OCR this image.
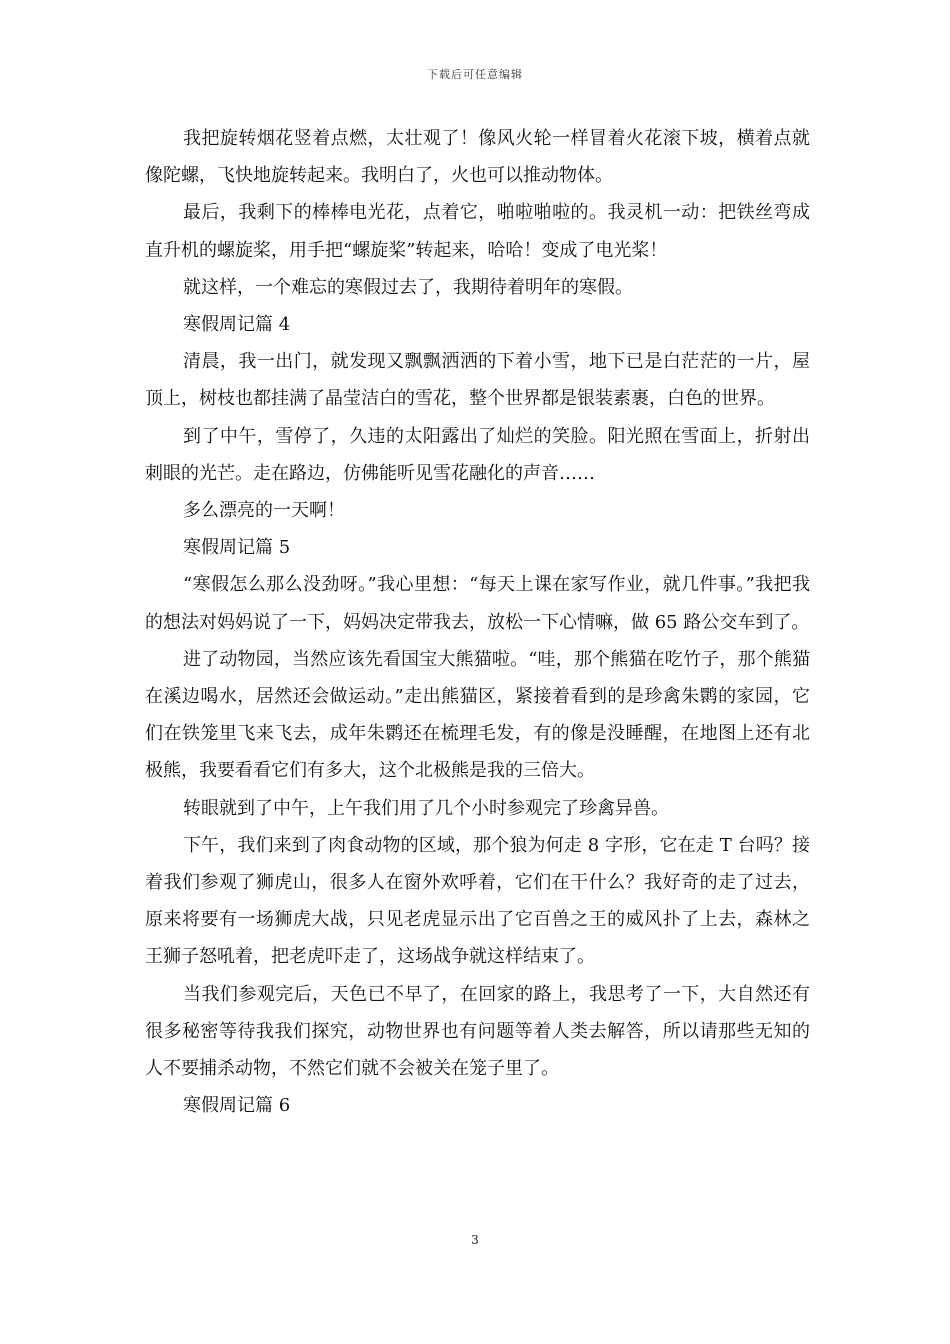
下载后可任意编辑

我把旋转烟花竖着点燃，太壮观了！像风火轮一样冒着火花滚下坡，横着点就像陀螺，飞快地旋转起来。我明白了，火也可以推动物体。

最后，我剩下的棒棒电光花，点着它，啪啦啪啦的。我灵机一动：把铁丝弯成直升机的螺旋桨，用手把“螺旋桨”转起来，哈哈！变成了电光桨！

就这样，一个难忘的寒假过去了，我期待着明年的寒假。

寒假周记篇 4

清晨，我一出门，就发现又飘飘洒洒的下着小雪，地下已是白茫茫的一片，屋顶上，树枝也都挂满了晶莹洁白的雪花，整个世界都是银装素裹，白色的世界。

到了中午，雪停了，久违的太阳露出了灿烂的笑脸。阳光照在雪面上，折射出刺眼的光芒。走在路边，仿佛能听见雪花融化的声音……

多么漂亮的一天啊！

寒假周记篇 5

“寒假怎么那么没劲呀。”我心里想：“每天上课在家写作业，就几件事。”我把我的想法对妈妈说了一下，妈妈决定带我去，放松一下心情嘛，做 65 路公交车到了。

进了动物园，当然应该先看国宝大熊猫啦。“哇，那个熊猫在吃竹子，那个熊猫在溪边喝水，居然还会做运动。”走出熊猫区，紧接着看到的是珍禽朱鹮的家园，它们在铁笼里飞来飞去，成年朱鹮还在梳理毛发，有的像是没睡醒，在地图上还有北极熊，我要看看它们有多大，这个北极熊是我的三倍大。

转眼就到了中午，上午我们用了几个小时参观完了珍禽异兽。

下午，我们来到了肉食动物的区域，那个狼为何走 8 字形，它在走 T 台吗？接着我们参观了狮虎山，很多人在窗外欢呼着，它们在干什么？我好奇的走了过去，原来将要有一场狮虎大战，只见老虎显示出了它百兽之王的威风扑了上去，森林之王狮子怒吼着，把老虎吓走了，这场战争就这样结束了。

当我们参观完后，天色已不早了，在回家的路上，我思考了一下，大自然还有很多秘密等待我我们探究，动物世界也有问题等着人类去解答，所以请那些无知的人不要捕杀动物，不然它们就不会被关在笼子里了。

寒假周记篇 6

3
